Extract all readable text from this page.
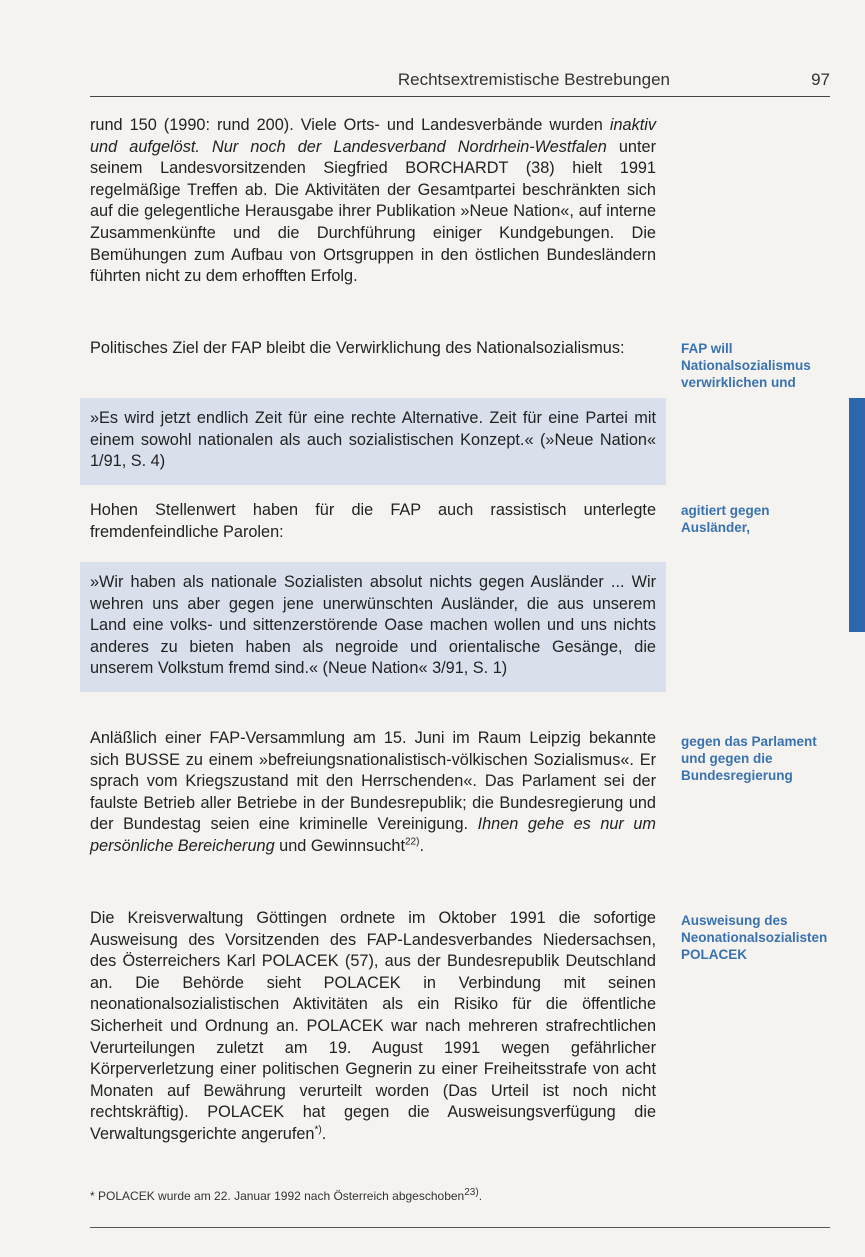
Rechtsextremistische Bestrebungen	97

rund 150 (1990: rund 200). Viele Orts- und Landesverbände wurden inaktiv und aufgelöst. Nur noch der Landesverband Nordrhein-Westfalen unter seinem Landesvorsitzenden Siegfried BORCHARDT (38) hielt 1991 regelmäßige Treffen ab. Die Aktivitäten der Gesamtpartei beschränkten sich auf die gelegentliche Herausgabe ihrer Publikation »Neue Nation«, auf interne Zusammenkünfte und die Durchführung einiger Kundgebungen. Die Bemühungen zum Aufbau von Ortsgruppen in den östlichen Bundesländern führten nicht zu dem erhofften Erfolg.

Politisches Ziel der FAP bleibt die Verwirklichung des Nationalsozialismus:

»Es wird jetzt endlich Zeit für eine rechte Alternative. Zeit für eine Partei mit einem sowohl nationalen als auch sozialistischen Konzept.« (»Neue Nation« 1/91, S. 4)

Hohen Stellenwert haben für die FAP auch rassistisch unterlegte fremdenfeindliche Parolen:

»Wir haben als nationale Sozialisten absolut nichts gegen Ausländer ... Wir wehren uns aber gegen jene unerwünschten Ausländer, die aus unserem Land eine volks- und sittenzerstörende Oase machen wollen und uns nichts anderes zu bieten haben als negroide und orientalische Gesänge, die unserem Volkstum fremd sind.« (Neue Nation« 3/91, S. 1)

Anläßlich einer FAP-Versammlung am 15. Juni im Raum Leipzig bekannte sich BUSSE zu einem »befreiungsnationalistisch-völkischen Sozialismus«. Er sprach vom Kriegszustand mit den Herrschenden«. Das Parlament sei der faulste Betrieb aller Betriebe in der Bundesrepublik; die Bundesregierung und der Bundestag seien eine kriminelle Vereinigung. Ihnen gehe es nur um persönliche Bereicherung und Gewinnsucht$^{22)}$.

Die Kreisverwaltung Göttingen ordnete im Oktober 1991 die sofortige Ausweisung des Vorsitzenden des FAP-Landesverbandes Niedersachsen, des Österreichers Karl POLACEK (57), aus der Bundesrepublik Deutschland an. Die Behörde sieht POLACEK in Verbindung mit seinen neonationalsozialistischen Aktivitäten als ein Risiko für die öffentliche Sicherheit und Ordnung an. POLACEK war nach mehreren strafrechtlichen Verurteilungen zuletzt am 19. August 1991 wegen gefährlicher Körperverletzung einer politischen Gegnerin zu einer Freiheitsstrafe von acht Monaten auf Bewährung verurteilt worden (Das Urteil ist noch nicht rechtskräftig). POLACEK hat gegen die Ausweisungsverfügung die Verwaltungsgerichte angerufen*).

FAP will Nationalsozialismus verwirklichen und
agitiert gegen Ausländer,
gegen das Parlament und gegen die Bundesregierung
Ausweisung des Neonationalsozialisten POLACEK
* POLACEK wurde am 22. Januar 1992 nach Österreich abgeschoben$^{23)}$.
